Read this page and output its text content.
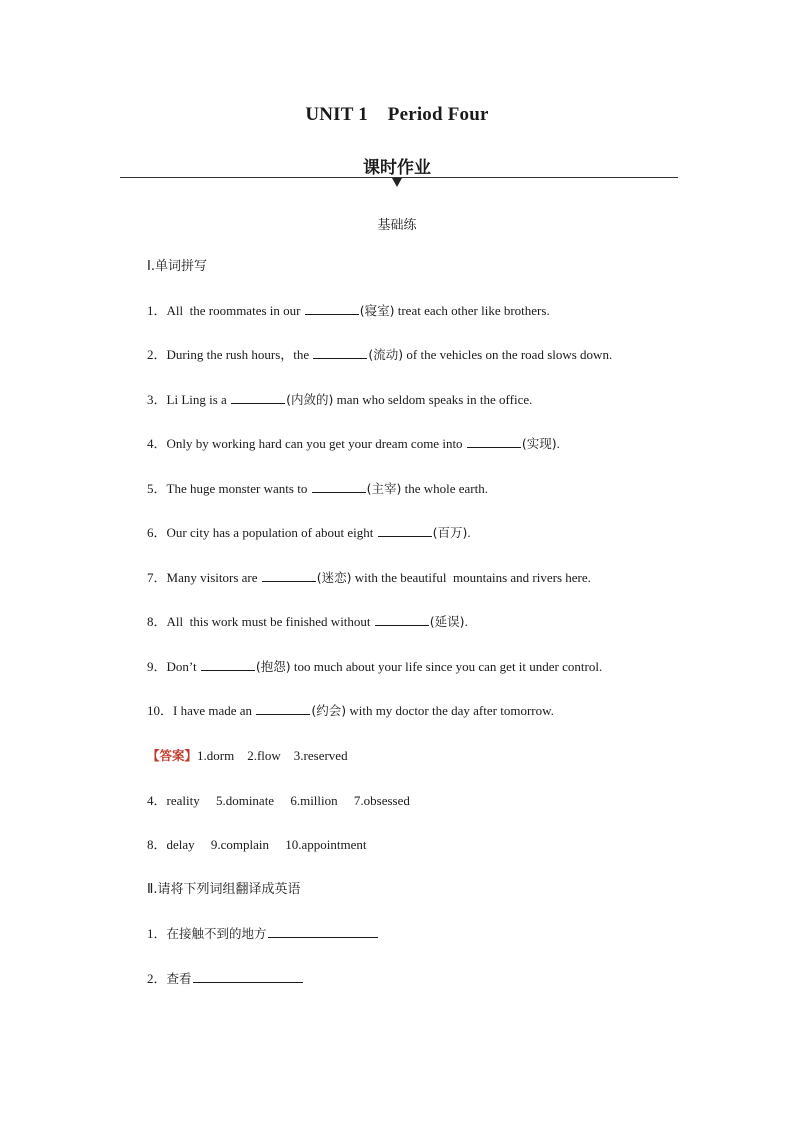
UNIT 1    Period Four
课时作业
基础练
Ⅰ.单词拼写
1．All  the roommates in our	(寝室) treat each other like brothers.
2．During the rush hours，the	(流动) of the vehicles on the road slows down.
3．Li Ling is a	(内敛的) man who seldom speaks in the office.
4．Only by working hard can you get your dream come into	(实现).
5．The huge monster wants to	(主宰) the whole earth.
6．Our city has a population of about eight	(百万).
7．Many visitors are	(迷恋) with the beautiful  mountains and rivers here.
8．All  this work must be finished without	(延误).
9．Don’t	(抱怨) too much about your life since you can get it under control.
10．I have made an	(约会) with my doctor the day after tomorrow.
【答案】1.dorm    2.flow    3.reserved
4．reality     5.dominate     6.million     7.obsessed
8．delay     9.complain     10.appointment
Ⅱ.请将下列词组翻译成英语
1．在接触不到的地方
2．查看
